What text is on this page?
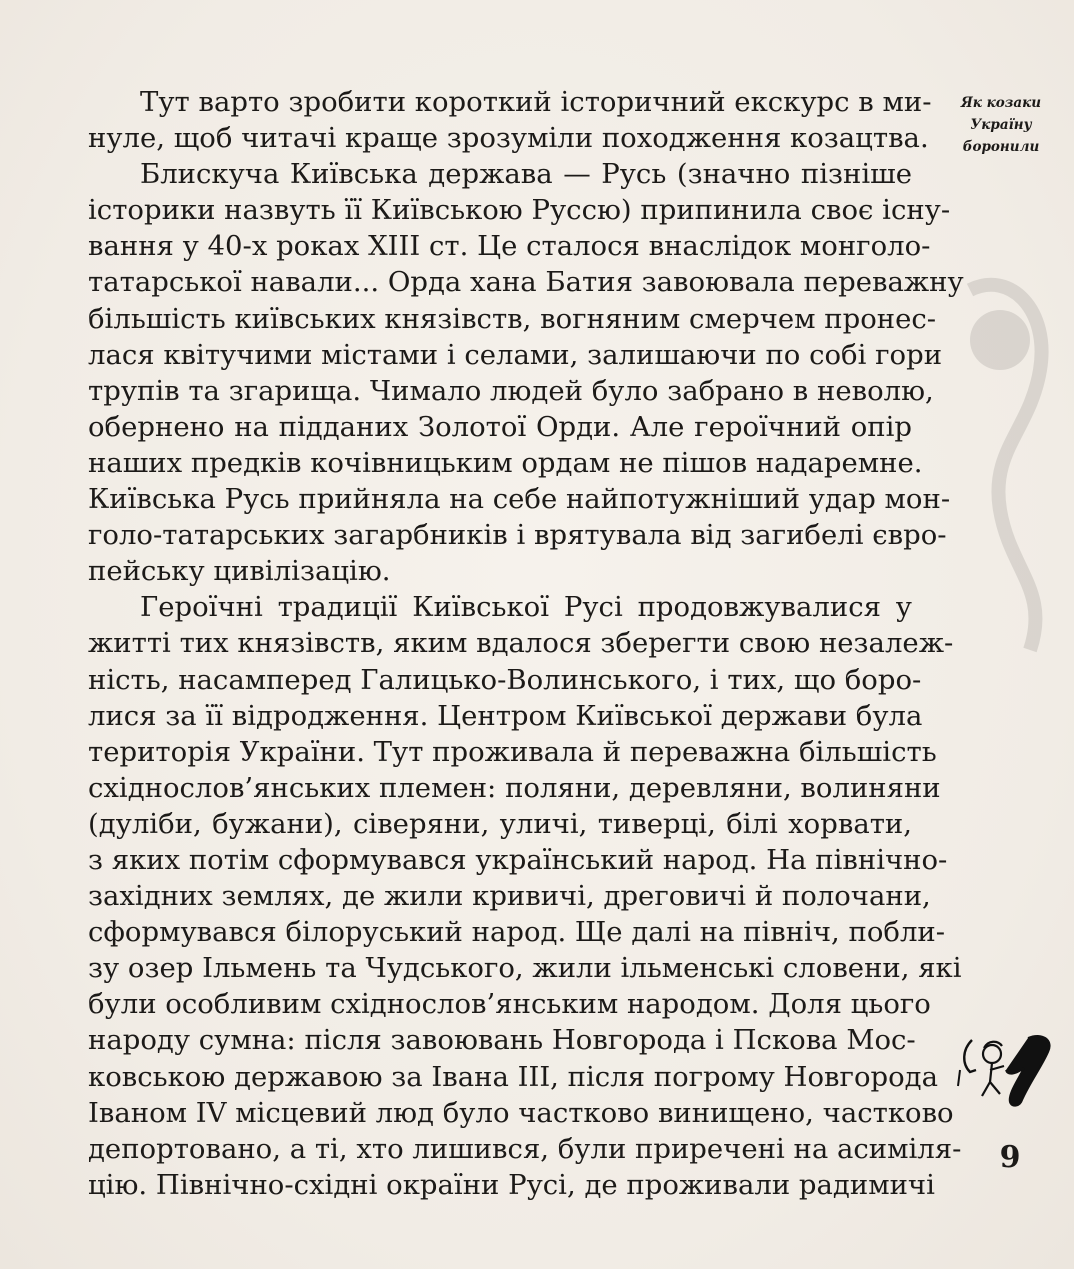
Як козаки
Україну
боронили
Тут варто зробити короткий історичний екскурс в ми-
нуле, щоб читачі краще зрозуміли походження козацтва.
Блискуча Київська держава — Русь (значно пізніше
історики назвуть її Київською Руссю) припинила своє існу-
вання у 40-х роках XIII ст. Це сталося внаслідок монголо-
татарської навали... Орда хана Батия завоювала переважну
більшість київських князівств, вогняним смерчем пронес-
лася квітучими містами і селами, залишаючи по собі гори
трупів та згарища. Чимало людей було забрано в неволю,
обернено на підданих Золотої Орди. Але героїчний опір
наших предків кочівницьким ордам не пішов надаремне.
Київська Русь прийняла на себе найпотужніший удар мон-
голо-татарських загарбників і врятувала від загибелі євро-
пейську цивілізацію.
Героїчні традиції Київської Русі продовжувалися у
житті тих князівств, яким вдалося зберегти свою незалеж-
ність, насамперед Галицько-Волинського, і тих, що боро-
лися за її відродження. Центром Київської держави була
територія України. Тут проживала й переважна більшість
східнослов’янських племен: поляни, деревляни, волиняни
(дуліби, бужани), сіверяни, уличі, тиверці, білі хорвати,
з яких потім сформувався український народ. На північно-
західних землях, де жили кривичі, дреговичі й полочани,
сформувався білоруський народ. Ще далі на північ, побли-
зу озер Ільмень та Чудського, жили ільменські словени, які
були особливим східнослов’янським народом. Доля цього
народу сумна: після завоювань Новгорода і Пскова Мос-
ковською державою за Івана III, після погрому Новгорода
Іваном IV місцевий люд було частково винищено, частково
депортовано, а ті, хто лишився, були приречені на асиміля-
цію. Північно-східні окраїни Русі, де проживали радимичі
9
